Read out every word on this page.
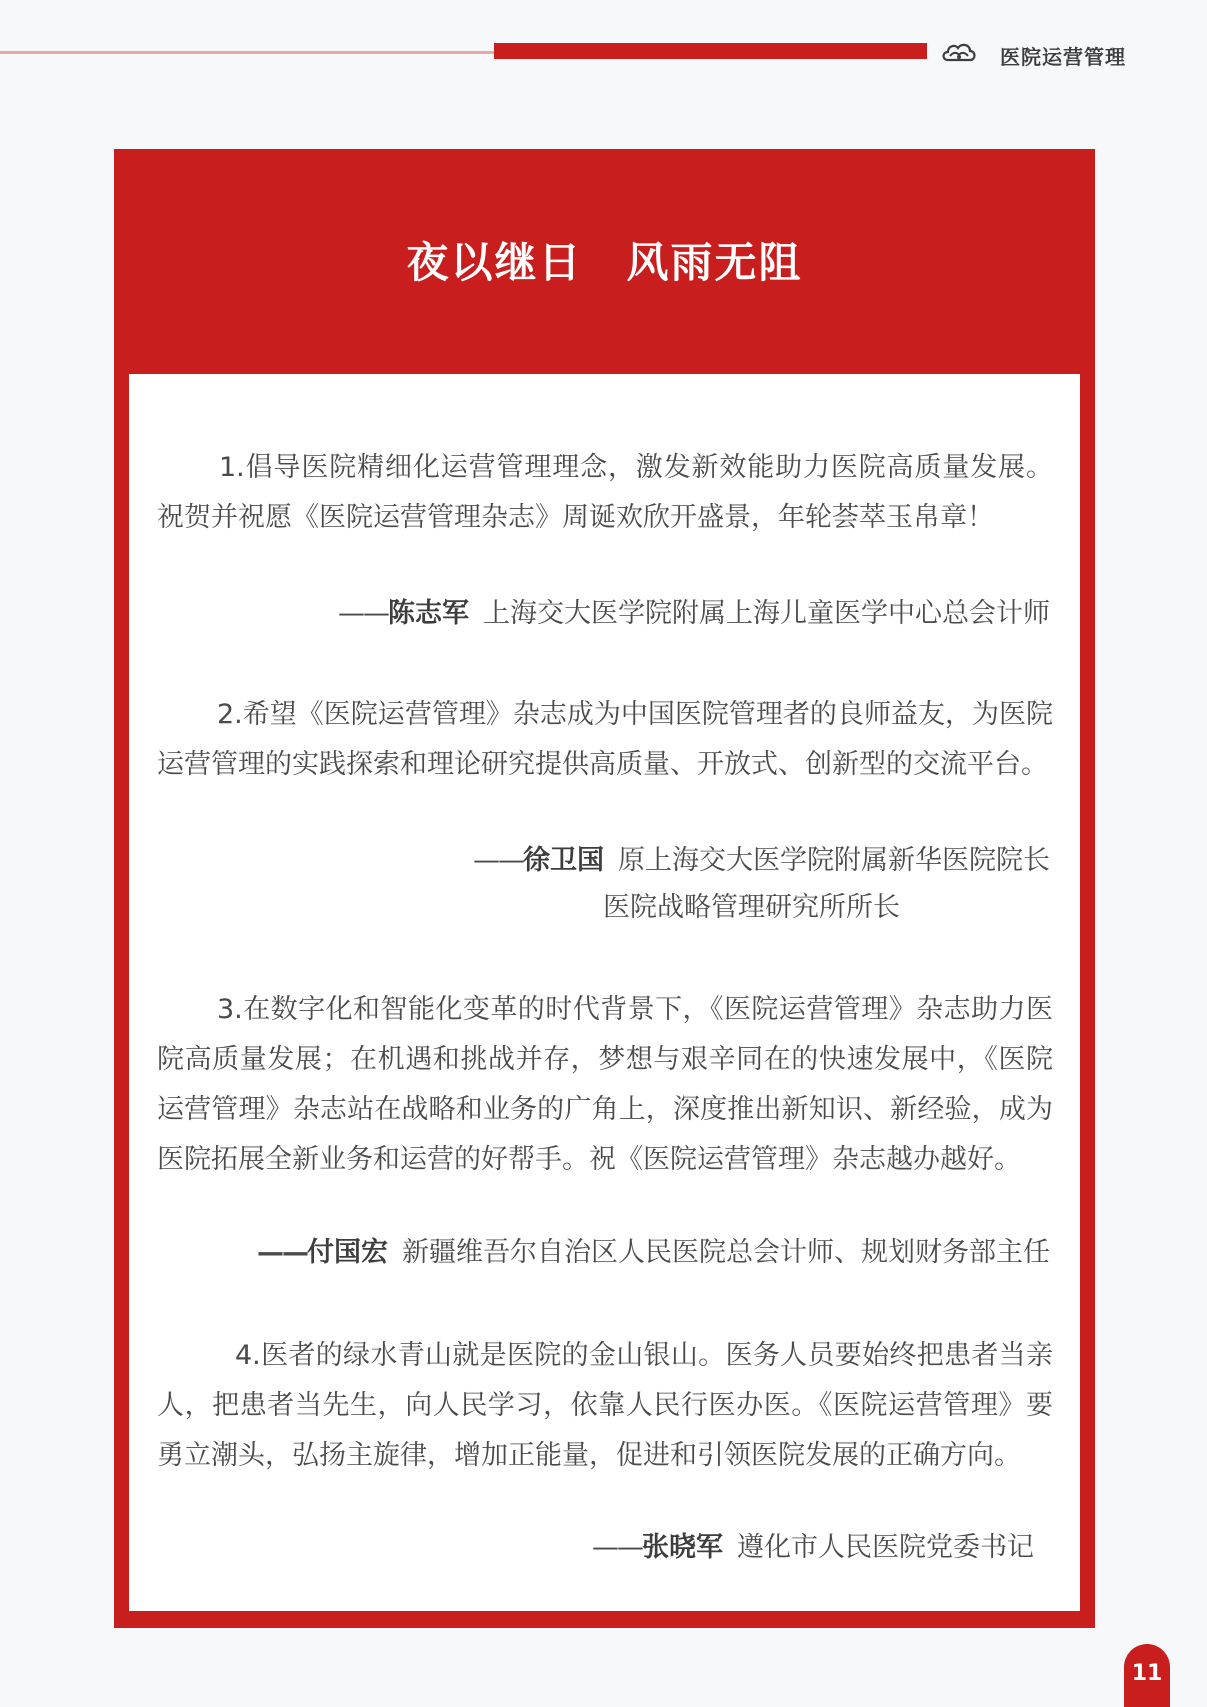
医院运营管理
夜以继日　风雨无阻
1.倡导医院精细化运营管理理念，激发新效能助力医院高质量发展。祝贺并祝愿《医院运营管理杂志》周诞欢欣开盛景，年轮荟萃玉帛章！
——陈志军 上海交大医学院附属上海儿童医学中心总会计师
2.希望《医院运营管理》杂志成为中国医院管理者的良师益友，为医院运营管理的实践探索和理论研究提供高质量、开放式、创新型的交流平台。
——徐卫国 原上海交大医学院附属新华医院院长
医院战略管理研究所所长
3.在数字化和智能化变革的时代背景下，《医院运营管理》杂志助力医院高质量发展；在机遇和挑战并存，梦想与艰辛同在的快速发展中，《医院运营管理》杂志站在战略和业务的广角上，深度推出新知识、新经验，成为医院拓展全新业务和运营的好帮手。祝《医院运营管理》杂志越办越好。
——付国宏 新疆维吾尔自治区人民医院总会计师、规划财务部主任
4.医者的绿水青山就是医院的金山银山。医务人员要始终把患者当亲人，把患者当先生，向人民学习，依靠人民行医办医。《医院运营管理》要勇立潮头，弘扬主旋律，增加正能量，促进和引领医院发展的正确方向。
——张晓军 遵化市人民医院党委书记
11
